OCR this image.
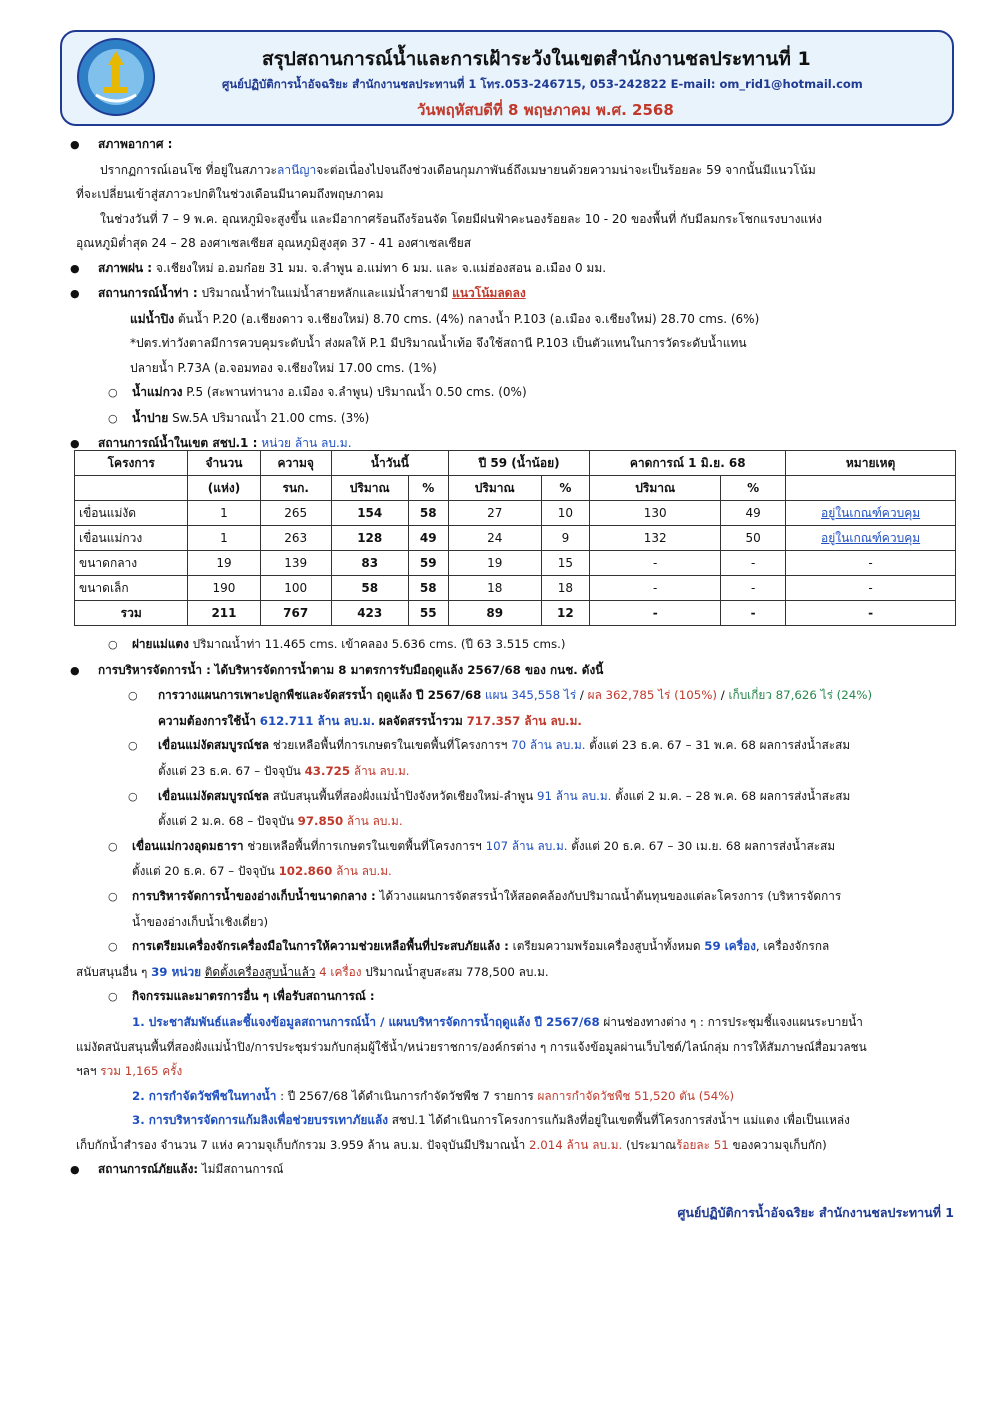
สรุปสถานการณ์น้ำและการเฝ้าระวังในเขตสำนักงานชลประทานที่ 1
ศูนย์ปฏิบัติการน้ำอัจฉริยะ สำนักงานชลประทานที่ 1 โทร.053-246715, 053-242822 E-mail: om_rid1@hotmail.com
วันพฤหัสบดีที่ 8 พฤษภาคม พ.ศ. 2568
●สภาพอากาศ :
ปรากฏการณ์เอนโซ ที่อยู่ในสภาวะลานีญาจะต่อเนื่องไปจนถึงช่วงเดือนกุมภาพันธ์ถึงเมษายนด้วยความน่าจะเป็นร้อยละ 59 จากนั้นมีแนวโน้ม
ที่จะเปลี่ยนเข้าสู่สภาวะปกติในช่วงเดือนมีนาคมถึงพฤษภาคม
ในช่วงวันที่ 7 – 9 พ.ค. อุณหภูมิจะสูงขึ้น และมีอากาศร้อนถึงร้อนจัด โดยมีฝนฟ้าคะนองร้อยละ 10 - 20 ของพื้นที่ กับมีลมกระโชกแรงบางแห่ง
อุณหภูมิต่ำสุด 24 – 28 องศาเซลเซียส อุณหภูมิสูงสุด 37 - 41 องศาเซลเซียส
●สภาพฝน : จ.เชียงใหม่ อ.อมก๋อย 31 มม. จ.ลำพูน อ.แม่ทา 6 มม. และ จ.แม่ฮ่องสอน อ.เมือง 0 มม.
●สถานการณ์น้ำท่า : ปริมาณน้ำท่าในแม่น้ำสายหลักและแม่น้ำสาขามี แนวโน้มลดลง
แม่น้ำปิง ต้นน้ำ P.20 (อ.เชียงดาว จ.เชียงใหม่) 8.70 cms. (4%) กลางน้ำ P.103 (อ.เมือง จ.เชียงใหม่) 28.70 cms. (6%)
*ปตร.ท่าวังตาลมีการควบคุมระดับน้ำ ส่งผลให้ P.1 มีปริมาณน้ำเท้อ จึงใช้สถานี P.103 เป็นตัวแทนในการวัดระดับน้ำแทน
ปลายน้ำ P.73A (อ.จอมทอง จ.เชียงใหม่ 17.00 cms. (1%)
○น้ำแม่กวง P.5 (สะพานท่านาง อ.เมือง จ.ลำพูน) ปริมาณน้ำ 0.50 cms. (0%)
○น้ำปาย Sw.5A ปริมาณน้ำ 21.00 cms. (3%)
●สถานการณ์น้ำในเขต สชป.1 : หน่วย ล้าน ลบ.ม.
โครงการ	จำนวน	ความจุ	น้ำวันนี้		ปี 59 (น้ำน้อย)		คาดการณ์ 1 มิ.ย. 68		หมายเหตุ
	(แห่ง)	รนก.	ปริมาณ	%	ปริมาณ	%	ปริมาณ	%	
เขื่อนแม่งัด	1	265	154	58	27	10	130	49	อยู่ในเกณฑ์ควบคุม
เขื่อนแม่กวง	1	263	128	49	24	9	132	50	อยู่ในเกณฑ์ควบคุม
ขนาดกลาง	19	139	83	59	19	15	-	-	-
ขนาดเล็ก	190	100	58	58	18	18	-	-	-
รวม	211	767	423	55	89	12	-	-	-
○ฝายแม่แตง ปริมาณน้ำท่า 11.465 cms. เข้าคลอง 5.636 cms. (ปี 63 3.515 cms.)
●การบริหารจัดการน้ำ : ได้บริหารจัดการน้ำตาม 8 มาตรการรับมือฤดูแล้ง 2567/68 ของ กนช. ดังนี้
○การวางแผนการเพาะปลูกพืชและจัดสรรน้ำ ฤดูแล้ง ปี 2567/68 แผน 345,558 ไร่ / ผล 362,785 ไร่ (105%) / เก็บเกี่ยว 87,626 ไร่ (24%)
ความต้องการใช้น้ำ 612.711 ล้าน ลบ.ม. ผลจัดสรรน้ำรวม 717.357 ล้าน ลบ.ม.
○เขื่อนแม่งัดสมบูรณ์ชล ช่วยเหลือพื้นที่การเกษตรในเขตพื้นที่โครงการฯ 70 ล้าน ลบ.ม. ตั้งแต่ 23 ธ.ค. 67 – 31 พ.ค. 68 ผลการส่งน้ำสะสม
ตั้งแต่ 23 ธ.ค. 67 – ปัจจุบัน 43.725 ล้าน ลบ.ม.
○เขื่อนแม่งัดสมบูรณ์ชล สนับสนุนพื้นที่สองฝั่งแม่น้ำปิงจังหวัดเชียงใหม่-ลำพูน 91 ล้าน ลบ.ม. ตั้งแต่ 2 ม.ค. – 28 พ.ค. 68 ผลการส่งน้ำสะสม
ตั้งแต่ 2 ม.ค. 68 – ปัจจุบัน 97.850 ล้าน ลบ.ม.
○เขื่อนแม่กวงอุดมธารา ช่วยเหลือพื้นที่การเกษตรในเขตพื้นที่โครงการฯ 107 ล้าน ลบ.ม. ตั้งแต่ 20 ธ.ค. 67 – 30 เม.ย. 68 ผลการส่งน้ำสะสม
ตั้งแต่ 20 ธ.ค. 67 – ปัจจุบัน 102.860 ล้าน ลบ.ม.
○การบริหารจัดการน้ำของอ่างเก็บน้ำขนาดกลาง : ได้วางแผนการจัดสรรน้ำให้สอดคล้องกับปริมาณน้ำต้นทุนของแต่ละโครงการ (บริหารจัดการ
น้ำของอ่างเก็บน้ำเชิงเดี่ยว)
○การเตรียมเครื่องจักรเครื่องมือในการให้ความช่วยเหลือพื้นที่ประสบภัยแล้ง : เตรียมความพร้อมเครื่องสูบน้ำทั้งหมด 59 เครื่อง, เครื่องจักรกล
สนับสนุนอื่น ๆ 39 หน่วย ติดตั้งเครื่องสูบน้ำแล้ว 4 เครื่อง ปริมาณน้ำสูบสะสม 778,500 ลบ.ม.
○กิจกรรมและมาตรการอื่น ๆ เพื่อรับสถานการณ์ :
1. ประชาสัมพันธ์และชี้แจงข้อมูลสถานการณ์น้ำ / แผนบริหารจัดการน้ำฤดูแล้ง ปี 2567/68 ผ่านช่องทางต่าง ๆ : การประชุมชี้แจงแผนระบายน้ำ
แม่งัดสนับสนุนพื้นที่สองฝั่งแม่น้ำปิง/การประชุมร่วมกับกลุ่มผู้ใช้น้ำ/หน่วยราชการ/องค์กรต่าง ๆ การแจ้งข้อมูลผ่านเว็บไซต์/ไลน์กลุ่ม การให้สัมภาษณ์สื่อมวลชน
ฯลฯ รวม 1,165 ครั้ง
2. การกำจัดวัชพืชในทางน้ำ : ปี 2567/68 ได้ดำเนินการกำจัดวัชพืช 7 รายการ ผลการกำจัดวัชพืช 51,520 ตัน (54%)
3. การบริหารจัดการแก้มลิงเพื่อช่วยบรรเทาภัยแล้ง สชป.1 ได้ดำเนินการโครงการแก้มลิงที่อยู่ในเขตพื้นที่โครงการส่งน้ำฯ แม่แตง เพื่อเป็นแหล่ง
เก็บกักน้ำสำรอง จำนวน 7 แห่ง ความจุเก็บกักรวม 3.959 ล้าน ลบ.ม. ปัจจุบันมีปริมาณน้ำ 2.014 ล้าน ลบ.ม. (ประมาณร้อยละ 51 ของความจุเก็บกัก)
●สถานการณ์ภัยแล้ง: ไม่มีสถานการณ์
ศูนย์ปฏิบัติการน้ำอัจฉริยะ สำนักงานชลประทานที่ 1
